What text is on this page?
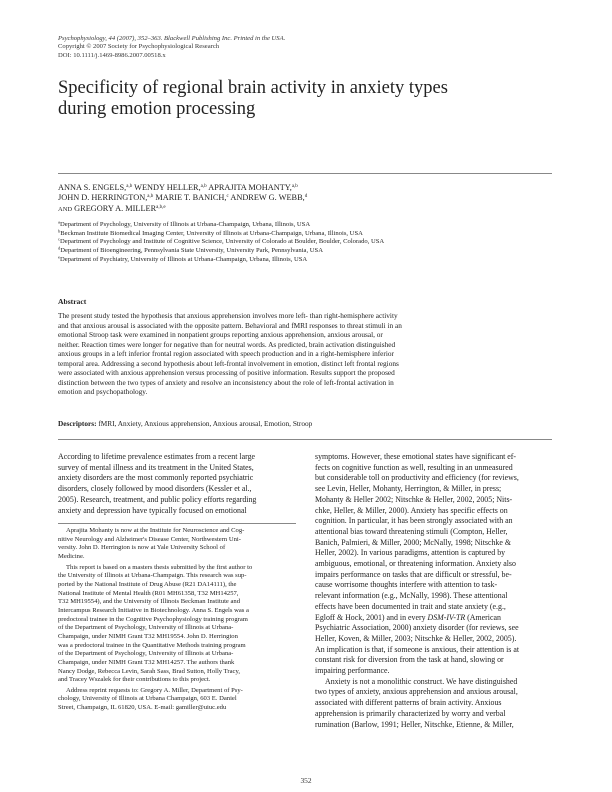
Psychophysiology, 44 (2007), 352–363. Blackwell Publishing Inc. Printed in the USA.
Copyright © 2007 Society for Psychophysiological Research
DOI: 10.1111/j.1469-8986.2007.00518.x
Specificity of regional brain activity in anxiety types
during emotion processing
ANNA S. ENGELS,$^{a,b}$ WENDY HELLER,$^{a,b}$ APRAJITA MOHANTY,$^{a,b}$
JOHN D. HERRINGTON,$^{a,b}$ MARIE T. BANICH,$^c$ ANDREW G. WEBB,$^d$
AND GREGORY A. MILLER$^{a,b,e}$
$^a$Department of Psychology, University of Illinois at Urbana-Champaign, Urbana, Illinois, USA
$^b$Beckman Institute Biomedical Imaging Center, University of Illinois at Urbana-Champaign, Urbana, Illinois, USA
$^c$Department of Psychology and Institute of Cognitive Science, University of Colorado at Boulder, Boulder, Colorado, USA
$^d$Department of Bioengineering, Pennsylvania State University, University Park, Pennsylvania, USA
$^e$Department of Psychiatry, University of Illinois at Urbana-Champaign, Urbana, Illinois, USA
Abstract
The present study tested the hypothesis that anxious apprehension involves more left- than right-hemisphere activity
and that anxious arousal is associated with the opposite pattern. Behavioral and fMRI responses to threat stimuli in an
emotional Stroop task were examined in nonpatient groups reporting anxious apprehension, anxious arousal, or
neither. Reaction times were longer for negative than for neutral words. As predicted, brain activation distinguished
anxious groups in a left inferior frontal region associated with speech production and in a right-hemisphere inferior
temporal area. Addressing a second hypothesis about left-frontal involvement in emotion, distinct left frontal regions
were associated with anxious apprehension versus processing of positive information. Results support the proposed
distinction between the two types of anxiety and resolve an inconsistency about the role of left-frontal activation in
emotion and psychopathology.
Descriptors: fMRI, Anxiety, Anxious apprehension, Anxious arousal, Emotion, Stroop
According to lifetime prevalence estimates from a recent large
survey of mental illness and its treatment in the United States,
anxiety disorders are the most commonly reported psychiatric
disorders, closely followed by mood disorders (Kessler et al.,
2005). Research, treatment, and public policy efforts regarding
anxiety and depression have typically focused on emotional
Aprajita Mohanty is now at the Institute for Neuroscience and Cog-
nitive Neurology and Alzheimer's Disease Center, Northwestern Uni-
versity. John D. Herrington is now at Yale University School of
Medicine.
This report is based on a masters thesis submitted by the first author to
the University of Illinois at Urbana-Champaign. This research was sup-
ported by the National Institute of Drug Abuse (R21 DA14111), the
National Institute of Mental Health (R01 MH61358, T32 MH14257,
T32 MH19554), and the University of Illinois Beckman Institute and
Intercampus Research Initiative in Biotechnology. Anna S. Engels was a
predoctoral trainee in the Cognitive Psychophysiology training program
of the Department of Psychology, University of Illinois at Urbana-
Champaign, under NIMH Grant T32 MH19554. John D. Herrington
was a predoctoral trainee in the Quantitative Methods training program
of the Department of Psychology, University of Illinois at Urbana-
Champaign, under NIMH Grant T32 MH14257. The authors thank
Nancy Dodge, Rebecca Levin, Sarah Sass, Brad Sutton, Holly Tracy,
and Tracey Wszalek for their contributions to this project.
Address reprint requests to: Gregory A. Miller, Department of Psy-
chology, University of Illinois at Urbana Champaign, 603 E. Daniel
Street, Champaign, IL 61820, USA. E-mail: gamiller@uiuc.edu
symptoms. However, these emotional states have significant ef-
fects on cognitive function as well, resulting in an unmeasured
but considerable toll on productivity and efficiency (for reviews,
see Levin, Heller, Mohanty, Herrington, & Miller, in press;
Mohanty & Heller 2002; Nitschke & Heller, 2002, 2005; Nits-
chke, Heller, & Miller, 2000). Anxiety has specific effects on
cognition. In particular, it has been strongly associated with an
attentional bias toward threatening stimuli (Compton, Heller,
Banich, Palmieri, & Miller, 2000; McNally, 1998; Nitschke &
Heller, 2002). In various paradigms, attention is captured by
ambiguous, emotional, or threatening information. Anxiety also
impairs performance on tasks that are difficult or stressful, be-
cause worrisome thoughts interfere with attention to task-
relevant information (e.g., McNally, 1998). These attentional
effects have been documented in trait and state anxiety (e.g.,
Egloff & Hock, 2001) and in every DSM-IV-TR (American
Psychiatric Association, 2000) anxiety disorder (for reviews, see
Heller, Koven, & Miller, 2003; Nitschke & Heller, 2002, 2005).
An implication is that, if someone is anxious, their attention is at
constant risk for diversion from the task at hand, slowing or
impairing performance.
Anxiety is not a monolithic construct. We have distinguished
two types of anxiety, anxious apprehension and anxious arousal,
associated with different patterns of brain activity. Anxious
apprehension is primarily characterized by worry and verbal
rumination (Barlow, 1991; Heller, Nitschke, Etienne, & Miller,
352
